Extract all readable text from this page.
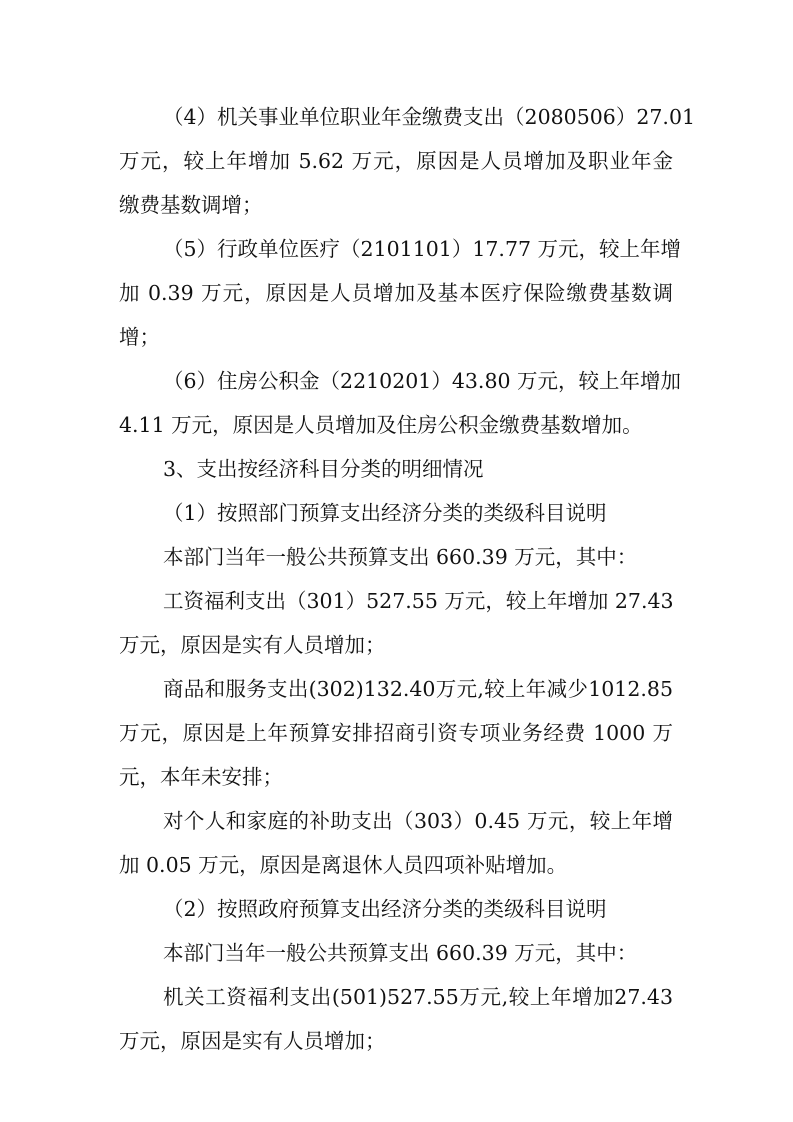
（4）机关事业单位职业年金缴费支出（2080506）27.01

万元，较上年增加 5.62 万元，原因是人员增加及职业年金

缴费基数调增；

（5）行政单位医疗（2101101）17.77 万元，较上年增

加 0.39 万元，原因是人员增加及基本医疗保险缴费基数调

增；

（6）住房公积金（2210201）43.80 万元，较上年增加

4.11 万元，原因是人员增加及住房公积金缴费基数增加。

3、支出按经济科目分类的明细情况

（1）按照部门预算支出经济分类的类级科目说明

本部门当年一般公共预算支出 660.39 万元，其中：

工资福利支出（301）527.55 万元，较上年增加 27.43

万元，原因是实有人员增加；

商品和服务支出(302)132.40万元,较上年减少1012.85

万元，原因是上年预算安排招商引资专项业务经费 1000 万

元，本年未安排；

对个人和家庭的补助支出（303）0.45 万元，较上年增

加 0.05 万元，原因是离退休人员四项补贴增加。

（2）按照政府预算支出经济分类的类级科目说明

本部门当年一般公共预算支出 660.39 万元，其中：

机关工资福利支出(501)527.55万元,较上年增加27.43

万元，原因是实有人员增加；
